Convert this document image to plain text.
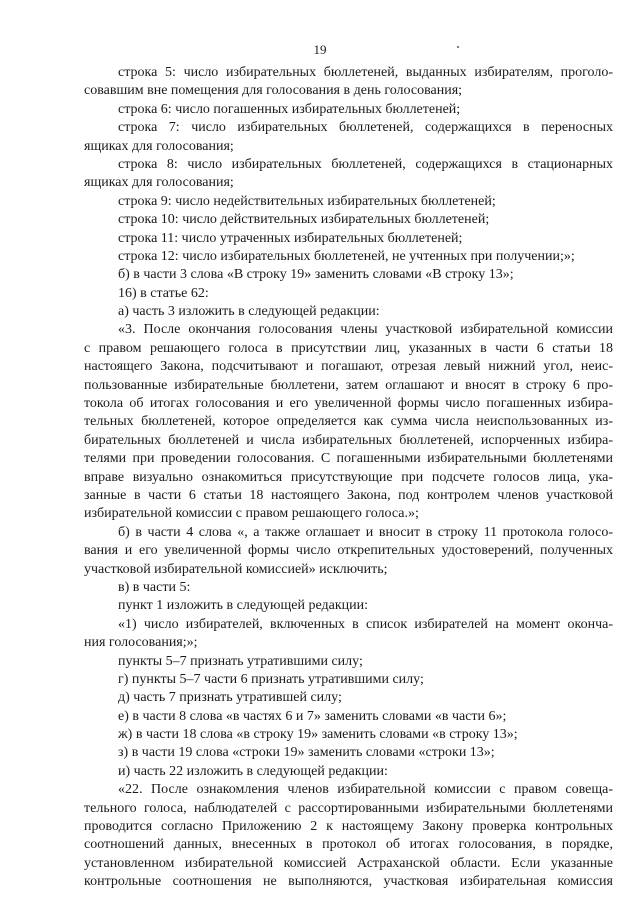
19
строка 5: число избирательных бюллетеней, выданных избирателям, проголо-
совавшим вне помещения для голосования в день голосования;
строка 6: число погашенных избирательных бюллетеней;
строка 7: число избирательных бюллетеней, содержащихся в переносных
ящиках для голосования;
строка 8: число избирательных бюллетеней, содержащихся в стационарных
ящиках для голосования;
строка 9: число недействительных избирательных бюллетеней;
строка 10: число действительных избирательных бюллетеней;
строка 11: число утраченных избирательных бюллетеней;
строка 12: число избирательных бюллетеней, не учтенных при получении;»;
б) в части 3 слова «В строку 19» заменить словами «В строку 13»;
16) в статье 62:
а) часть 3 изложить в следующей редакции:
«3. После окончания голосования члены участковой избирательной комиссии
с правом решающего голоса в присутствии лиц, указанных в части 6 статьи 18
настоящего Закона, подсчитывают и погашают, отрезая левый нижний угол, неис-
пользованные избирательные бюллетени, затем оглашают и вносят в строку 6 про-
токола об итогах голосования и его увеличенной формы число погашенных избира-
тельных бюллетеней, которое определяется как сумма числа неиспользованных из-
бирательных бюллетеней и числа избирательных бюллетеней, испорченных избира-
телями при проведении голосования. С погашенными избирательными бюллетенями
вправе визуально ознакомиться присутствующие при подсчете голосов лица, ука-
занные в части 6 статьи 18 настоящего Закона, под контролем членов участковой
избирательной комиссии с правом решающего голоса.»;
б) в части 4 слова «, а также оглашает и вносит в строку 11 протокола голосо-
вания и его увеличенной формы число открепительных удостоверений, полученных
участковой избирательной комиссией» исключить;
в) в части 5:
пункт 1 изложить в следующей редакции:
«1) число избирателей, включенных в список избирателей на момент оконча-
ния голосования;»;
пункты 5–7 признать утратившими силу;
г) пункты 5–7 части 6 признать утратившими силу;
д) часть 7 признать утратившей силу;
е) в части 8 слова «в частях 6 и 7» заменить словами «в части 6»;
ж) в части 18 слова «в строку 19» заменить словами «в строку 13»;
з) в части 19 слова «строки 19» заменить словами «строки 13»;
и) часть 22 изложить в следующей редакции:
«22. После ознакомления членов избирательной комиссии с правом совеща-
тельного голоса, наблюдателей с рассортированными избирательными бюллетенями
проводится согласно Приложению 2 к настоящему Закону проверка контрольных
соотношений данных, внесенных в протокол об итогах голосования, в порядке,
установленном избирательной комиссией Астраханской области. Если указанные
контрольные соотношения не выполняются, участковая избирательная комиссия
